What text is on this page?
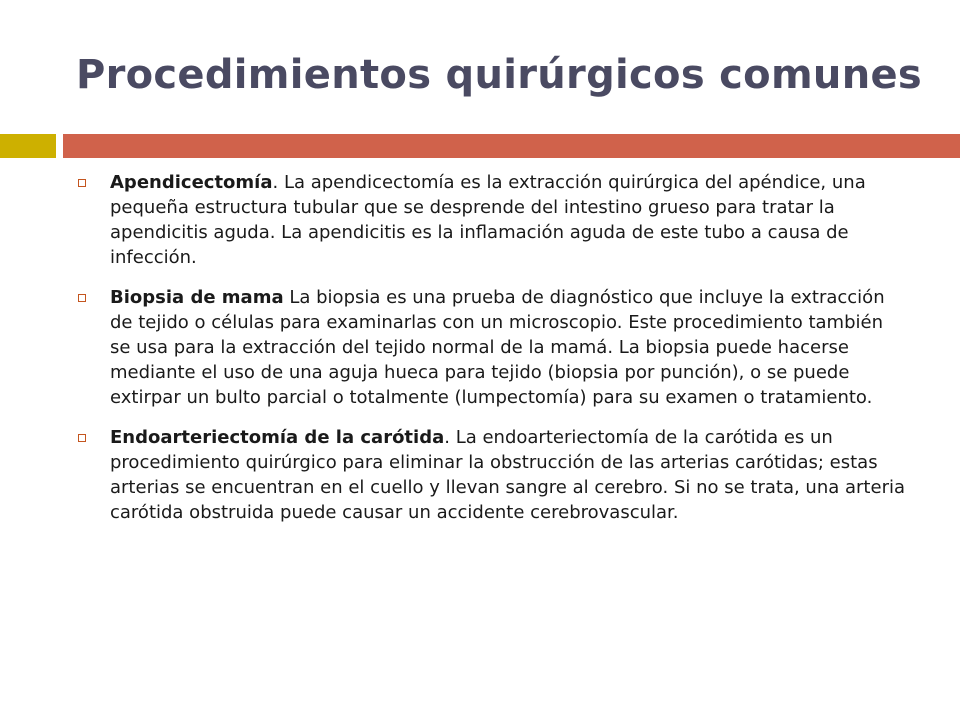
Procedimientos quirúrgicos comunes
Apendicectomía. La apendicectomía es la extracción quirúrgica del apéndice, una pequeña estructura tubular que se desprende del intestino grueso para tratar la apendicitis aguda. La apendicitis es la inflamación aguda de este tubo a causa de infección.
Biopsia de mama La biopsia es una prueba de diagnóstico que incluye la extracción de tejido o células para examinarlas con un microscopio. Este procedimiento también se usa para la extracción del tejido normal de la mamá. La biopsia puede hacerse mediante el uso de una aguja hueca para tejido (biopsia por punción), o se puede extirpar un bulto parcial o totalmente (lumpectomía) para su examen o tratamiento.
Endoarteriectomía de la carótida. La endoarteriectomía de la carótida es un procedimiento quirúrgico para eliminar la obstrucción de las arterias carótidas; estas arterias se encuentran en el cuello y llevan sangre al cerebro. Si no se trata, una arteria carótida obstruida puede causar un accidente cerebrovascular.
